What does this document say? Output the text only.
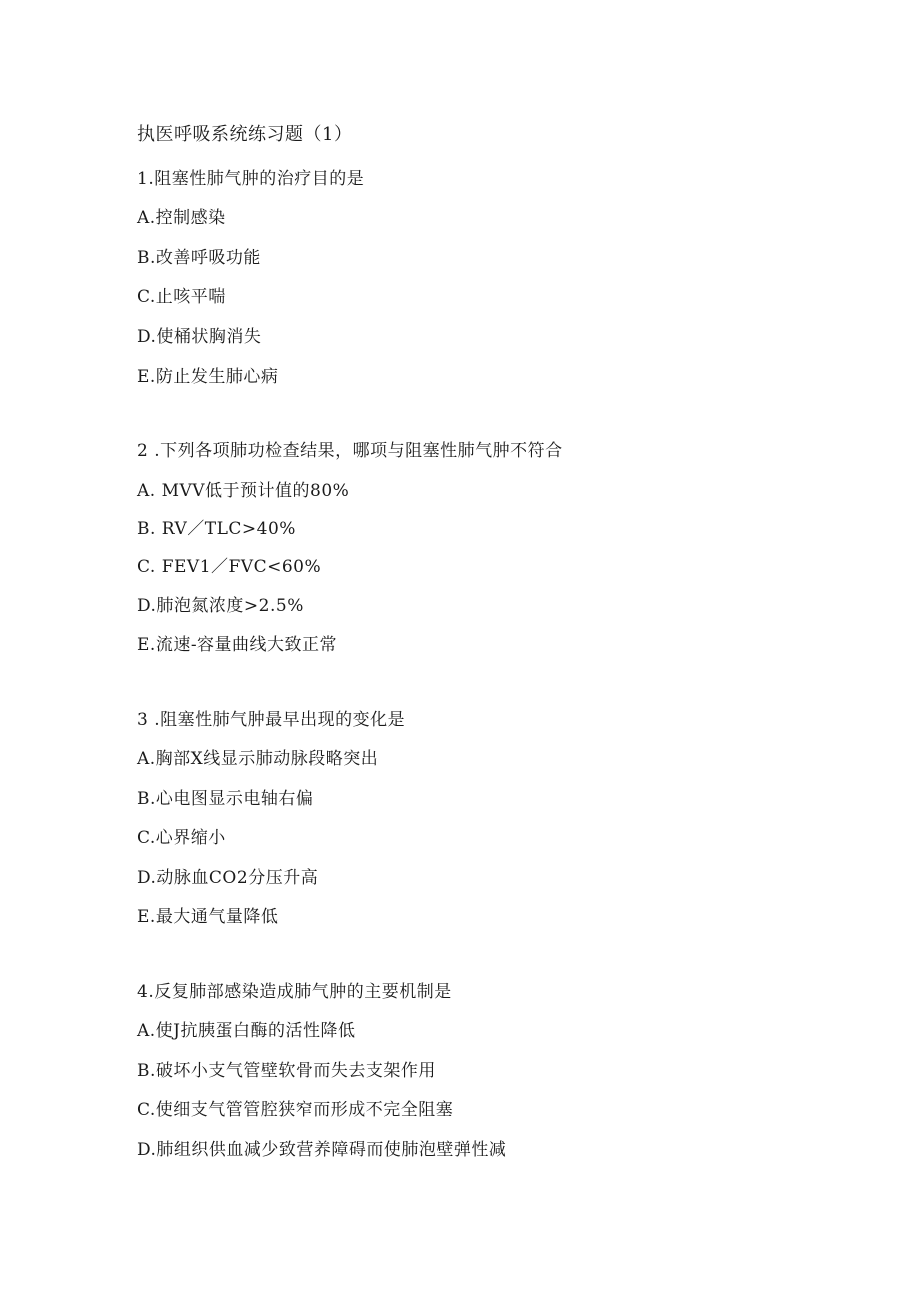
执医呼吸系统练习题（1）
1.阻塞性肺气肿的治疗目的是
A.控制感染
B.改善呼吸功能
C.止咳平喘
D.使桶状胸消失
E.防止发生肺心病
2 .下列各项肺功检查结果，哪项与阻塞性肺气肿不符合
A. MVV低于预计值的80%
B. RV／TLC>40%
C. FEV1／FVC<60%
D.肺泡氮浓度>2.5%
E.流速-容量曲线大致正常
3 .阻塞性肺气肿最早出现的变化是
A.胸部X线显示肺动脉段略突出
B.心电图显示电轴右偏
C.心界缩小
D.动脉血CO2分压升高
E.最大通气量降低
4.反复肺部感染造成肺气肿的主要机制是
A.使J抗胰蛋白酶的活性降低
B.破坏小支气管壁软骨而失去支架作用
C.使细支气管管腔狭窄而形成不完全阻塞
D.肺组织供血减少致营养障碍而使肺泡壁弹性减
